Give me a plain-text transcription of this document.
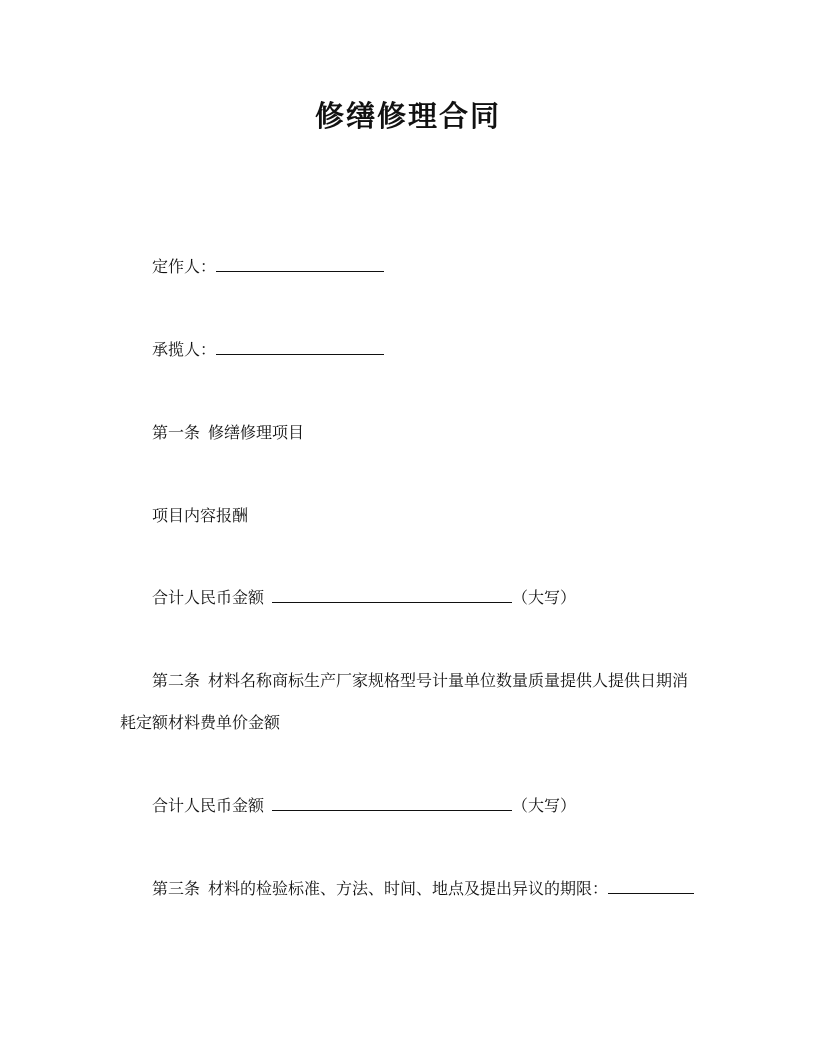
修缮修理合同
定作人：
承揽人：
第一条 修缮修理项目
项目内容报酬
合计人民币金额	（大写）
第二条 材料名称商标生产厂家规格型号计量单位数量质量提供人提供日期消
耗定额材料费单价金额
合计人民币金额	（大写）
第三条 材料的检验标准、方法、时间、地点及提出异议的期限：
